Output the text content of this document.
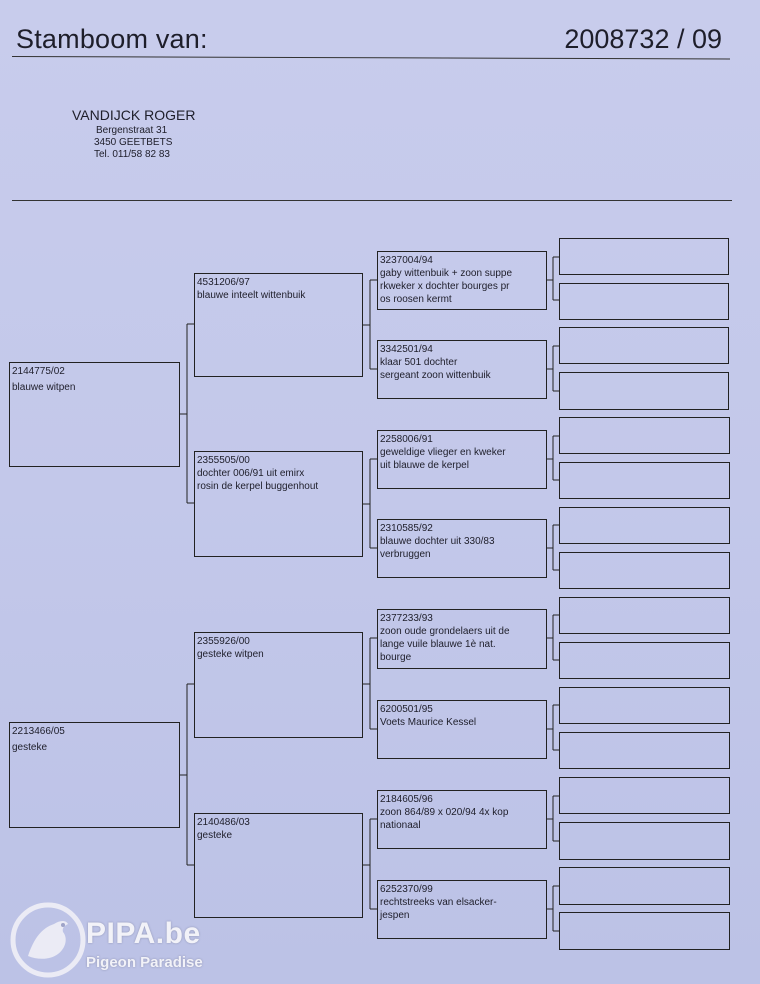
Stamboom van:	2008732 / 09
VANDIJCK ROGER
Bergenstraat 31
3450 GEETBETS
Tel. 011/58 82 83
2144775/02
blauwe witpen
2213466/05
gesteke
4531206/97
blauwe inteelt wittenbuik
2355505/00
dochter 006/91 uit emirx
rosin de kerpel buggenhout
2355926/00
gesteke witpen
2140486/03
gesteke
3237004/94
gaby wittenbuik + zoon suppe
rkweker x dochter bourges pr
os roosen kermt
3342501/94
klaar 501 dochter
sergeant zoon wittenbuik
2258006/91
geweldige vlieger en kweker
uit blauwe de kerpel
2310585/92
blauwe dochter uit 330/83
verbruggen
2377233/93
zoon oude grondelaers uit de
lange vuile blauwe 1è nat.
bourge
6200501/95
Voets Maurice Kessel
2184605/96
zoon 864/89 x 020/94 4x kop
nationaal
6252370/99
rechtstreeks van elsacker-
jespen
PIPA.be
Pigeon Paradise
